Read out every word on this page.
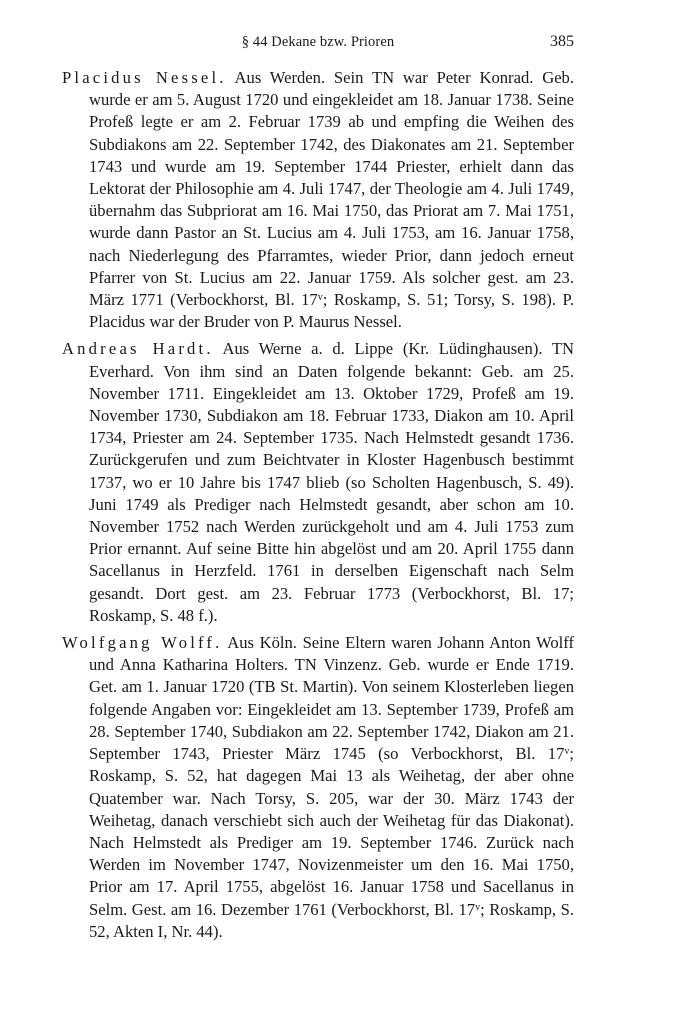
§ 44 Dekane bzw. Prioren	385

Placidus Nessel. Aus Werden. Sein TN war Peter Konrad. Geb. wurde er am 5. August 1720 und eingekleidet am 18. Januar 1738. Seine Profeß legte er am 2. Februar 1739 ab und empfing die Weihen des Subdiakons am 22. September 1742, des Diakonates am 21. September 1743 und wurde am 19. September 1744 Priester, erhielt dann das Lektorat der Philosophie am 4. Juli 1747, der Theologie am 4. Juli 1749, übernahm das Subpriorat am 16. Mai 1750, das Priorat am 7. Mai 1751, wurde dann Pastor an St. Lucius am 4. Juli 1753, am 16. Januar 1758, nach Niederlegung des Pfarramtes, wieder Prior, dann jedoch erneut Pfarrer von St. Lucius am 22. Januar 1759. Als solcher gest. am 23. März 1771 (Verbockhorst, Bl. 17$^v$; Roskamp, S. 51; Torsy, S. 198). P. Placidus war der Bruder von P. Maurus Nessel.

Andreas Hardt. Aus Werne a. d. Lippe (Kr. Lüdinghausen). TN Everhard. Von ihm sind an Daten folgende bekannt: Geb. am 25. November 1711. Eingekleidet am 13. Oktober 1729, Profeß am 19. November 1730, Subdiakon am 18. Februar 1733, Diakon am 10. April 1734, Priester am 24. September 1735. Nach Helmstedt gesandt 1736. Zurückgerufen und zum Beichtvater in Kloster Hagenbusch bestimmt 1737, wo er 10 Jahre bis 1747 blieb (so Scholten Hagenbusch, S. 49). Juni 1749 als Prediger nach Helmstedt gesandt, aber schon am 10. November 1752 nach Werden zurückgeholt und am 4. Juli 1753 zum Prior ernannt. Auf seine Bitte hin abgelöst und am 20. April 1755 dann Sacellanus in Herzfeld. 1761 in derselben Eigenschaft nach Selm gesandt. Dort gest. am 23. Februar 1773 (Verbockhorst, Bl. 17; Roskamp, S. 48 f.).

Wolfgang Wolff. Aus Köln. Seine Eltern waren Johann Anton Wolff und Anna Katharina Holters. TN Vinzenz. Geb. wurde er Ende 1719. Get. am 1. Januar 1720 (TB St. Martin). Von seinem Klosterleben liegen folgende Angaben vor: Eingekleidet am 13. September 1739, Profeß am 28. September 1740, Subdiakon am 22. September 1742, Diakon am 21. September 1743, Priester März 1745 (so Verbockhorst, Bl. 17$^v$; Roskamp, S. 52, hat dagegen Mai 13 als Weihetag, der aber ohne Quatember war. Nach Torsy, S. 205, war der 30. März 1743 der Weihetag, danach verschiebt sich auch der Weihetag für das Diakonat). Nach Helmstedt als Prediger am 19. September 1746. Zurück nach Werden im November 1747, Novizenmeister um den 16. Mai 1750, Prior am 17. April 1755, abgelöst 16. Januar 1758 und Sacellanus in Selm. Gest. am 16. Dezember 1761 (Verbockhorst, Bl. 17$^v$; Roskamp, S. 52, Akten I, Nr. 44).
